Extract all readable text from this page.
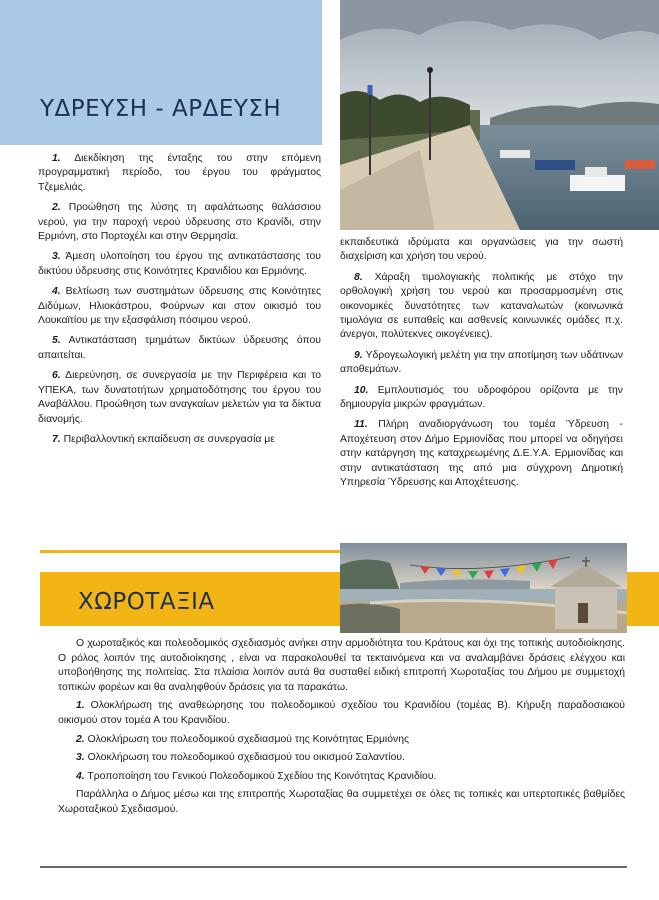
ΥΔΡΕΥΣΗ - ΑΡΔΕΥΣΗ

1. Διεκδίκηση της ένταξης του στην επόμενη προγραμματική περίοδο, του έργου του φράγματος Τζεμελιάς.

2. Προώθηση της λύσης τη αφαλάτωσης θαλάσσιου νερού, για την παροχή νερού ύδρευσης στο Κρανίδι, στην Ερμιόνη, στο Πορτοχέλι και στην Θερμησία.

3. Άμεση υλοποίηση του έργου της αντικατάστασης του δικτύου ύδρευσης στις Κοινότητες Κρανιδίου και Ερμιόνης.

4. Βελτίωση των συστημάτων ύδρευσης στις Κοινότητες Διδύμων, Ηλιοκάστρου, Φούρνων και στον οικισμό του Λουκαϊτίου με την εξασφάλιση πόσιμου νερού.

5. Αντικατάσταση τμημάτων δικτύων ύδρευσης όπου απαιτείται.

6. Διερεύνηση, σε συνεργασία με την Περιφέρεια και το ΥΠΕΚΑ, των δυνατοτήτων χρηματοδότησης του έργου του Αναβάλλου. Προώθηση των αναγκαίων μελετών για τα δίκτυα διανομής.

7. Περιβαλλοντική εκπαίδευση σε συνεργασία με

εκπαιδευτικά ιδρύματα και οργανώσεις για την σωστή διαχείριση και χρήση του νερού.

8. Χάραξη τιμολογιακής πολιτικής με στόχο την ορθολογική χρήση του νερού και προσαρμοσμένη στις οικονομικές δυνατότητες των καταναλωτών (κοινωνικά τιμολόγια σε ευπαθείς και ασθενείς κοινωνικές ομάδες π.χ. άνεργοι, πολύτεκνες οικογένειες).

9. Υδρογεωλογική μελέτη για την αποτίμηση των υδάτινων αποθεμάτων.

10. Εμπλουτισμός του υδροφόρου ορίζοντα με την δημιουργία μικρών φραγμάτων.

11. Πλήρη αναδιοργάνωση του τομέα Ύδρευση - Αποχέτευση στον Δήμο Ερμιονίδας που μπορεί να οδηγήσει στην κατάργηση της καταχρεωμένης Δ.Ε.Υ.Α. Ερμιονίδας και στην αντικατάσταση της από μια σύγχρονη Δημοτική Υπηρεσία Ύδρευσης και Αποχέτευσης.

ΧΩΡΟΤΑΞΙΑ

Ο χωροταξικός και πολεοδομικός σχεδιασμός ανήκει στην αρμοδιότητα του Κράτους και όχι της τοπικής αυτοδιοίκησης. Ο ρόλος λοιπόν της αυτοδιοίκησης , είναι να παρακολουθεί τα τεκταινόμενα και να αναλαμβάνει δράσεις ελέγχου και υποβοήθησης της πολιτείας. Στα πλαίσια λοιπόν αυτά θα συσταθεί ειδική επιτροπή Χωροταξίας του Δήμου με συμμετοχή τοπικών φορέων και θα αναληφθούν δράσεις για τα παρακάτω.

1. Ολοκλήρωση της αναθεώρησης του πολεοδομικού σχεδίου του Κρανιδίου (τομέας Β). Κήρυξη παραδοσιακού οικισμού στον τομέα Α του Κρανιδίου.

2. Ολοκλήρωση του πολεοδομικού σχεδιασμού της Κοινότητας Ερμιόνης

3. Ολοκλήρωση του πολεοδομικού σχεδιασμού του οικισμού Σαλαντίου.

4. Τροποποίηση του Γενικού Πολεοδομικού Σχεδίου της Κοινότητας Κρανιδίου.

Παράλληλα ο Δήμος μέσω και της επιτροπής Χωροταξίας θα συμμετέχει σε όλες τις τοπικές και υπερτοπικές βαθμίδες Χωροταξικού Σχεδιασμού.
